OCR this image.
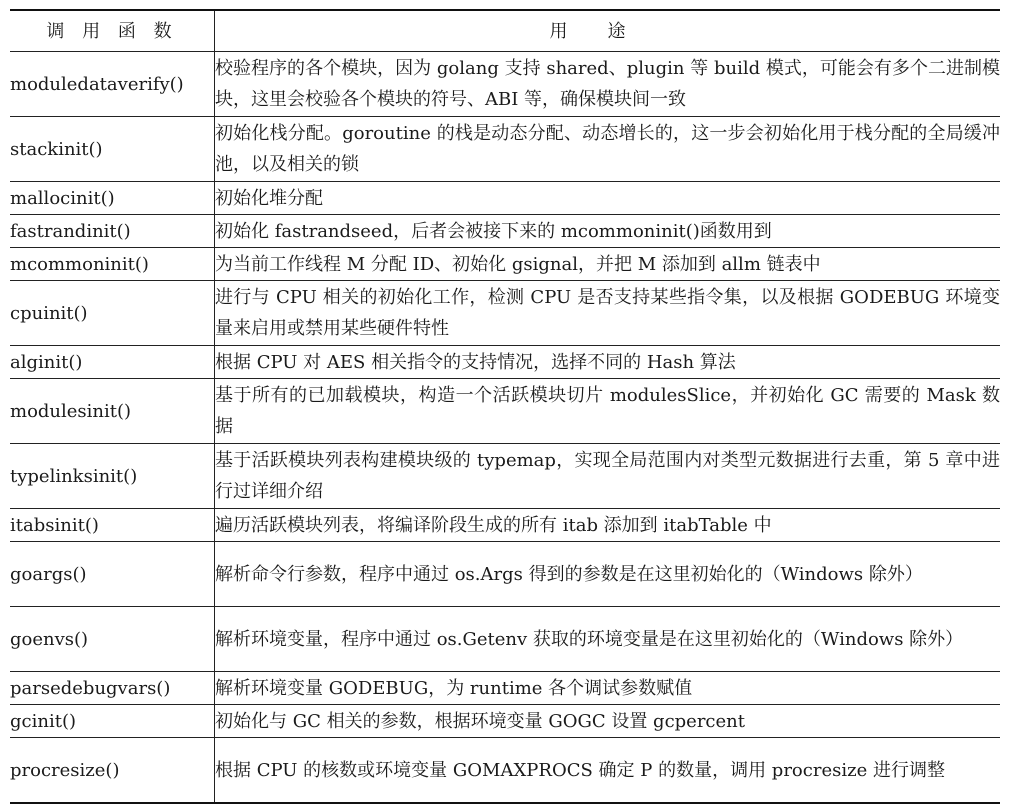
调 用 函 数	用途
moduledataverify()	校验程序的各个模块，因为 golang 支持 shared、plugin 等 build 模式，可能会有多个二进制模块，这里会校验各个模块的符号、ABI 等，确保模块间一致
stackinit()	初始化栈分配。goroutine 的栈是动态分配、动态增长的，这一步会初始化用于栈分配的全局缓冲池，以及相关的锁
mallocinit()	初始化堆分配
fastrandinit()	初始化 fastrandseed，后者会被接下来的 mcommoninit()函数用到
mcommoninit()	为当前工作线程 M 分配 ID、初始化 gsignal，并把 M 添加到 allm 链表中
cpuinit()	进行与 CPU 相关的初始化工作，检测 CPU 是否支持某些指令集，以及根据 GODEBUG 环境变量来启用或禁用某些硬件特性
alginit()	根据 CPU 对 AES 相关指令的支持情况，选择不同的 Hash 算法
modulesinit()	基于所有的已加载模块，构造一个活跃模块切片 modulesSlice，并初始化 GC 需要的 Mask 数据
typelinksinit()	基于活跃模块列表构建模块级的 typemap，实现全局范围内对类型元数据进行去重，第 5 章中进行过详细介绍
itabsinit()	遍历活跃模块列表，将编译阶段生成的所有 itab 添加到 itabTable 中
goargs()	解析命令行参数，程序中通过 os.Args 得到的参数是在这里初始化的（Windows 除外）
goenvs()	解析环境变量，程序中通过 os.Getenv 获取的环境变量是在这里初始化的（Windows 除外）
parsedebugvars()	解析环境变量 GODEBUG，为 runtime 各个调试参数赋值
gcinit()	初始化与 GC 相关的参数，根据环境变量 GOGC 设置 gcpercent
procresize()	根据 CPU 的核数或环境变量 GOMAXPROCS 确定 P 的数量，调用 procresize 进行调整
